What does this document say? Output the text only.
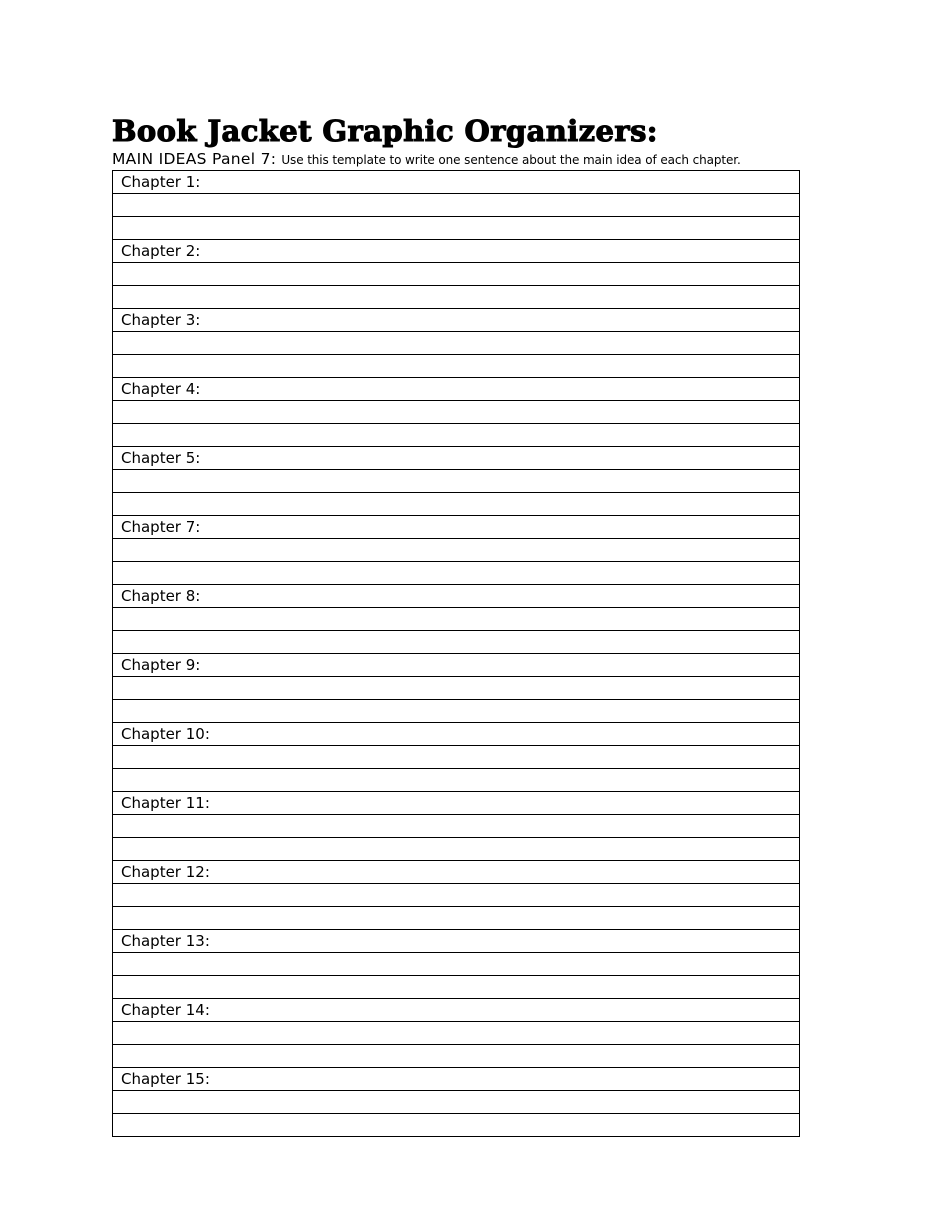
Book Jacket Graphic Organizers:
MAIN IDEAS Panel 7: Use this template to write one sentence about the main idea of each chapter.
Chapter 1:

Chapter 2:

Chapter 3:

Chapter 4:

Chapter 5:

Chapter 7:

Chapter 8:

Chapter 9:

Chapter 10:

Chapter 11:

Chapter 12:

Chapter 13:

Chapter 14:

Chapter 15:
